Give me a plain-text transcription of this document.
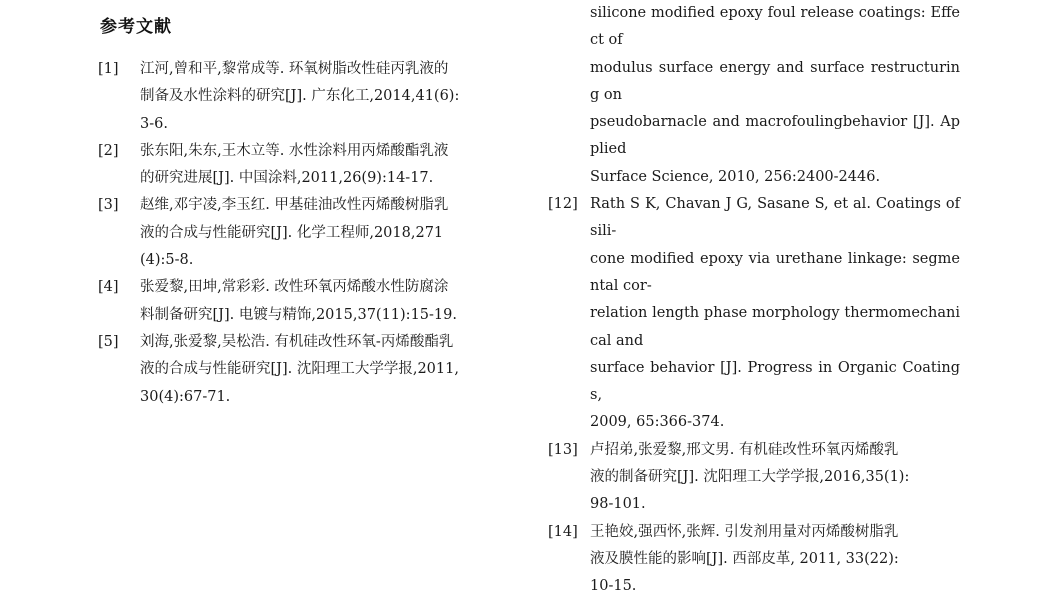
参考文献
[1]	江河,曾和平,黎常成等. 环氧树脂改性硅丙乳液的
制备及水性涂料的研究[J]. 广东化工,2014,41(6):
3-6.
[2]	张东阳,朱东,王木立等. 水性涂料用丙烯酸酯乳液
的研究进展[J]. 中国涂料,2011,26(9):14-17.
[3]	赵维,邓宇凌,李玉红. 甲基硅油改性丙烯酸树脂乳
液的合成与性能研究[J]. 化学工程师,2018,271
(4):5-8.
[4]	张爱黎,田坤,常彩彩. 改性环氧丙烯酸水性防腐涂
料制备研究[J]. 电镀与精饰,2015,37(11):15-19.
[5]	刘海,张爱黎,吴松浩. 有机硅改性环氧-丙烯酸酯乳
液的合成与性能研究[J]. 沈阳理工大学学报,2011,
30(4):67-71.
silicone modified epoxy foul release coatings: Effect of
modulus surface energy and surface restructuring on
pseudobarnacle and macrofoulingbehavior [J]. Applied
Surface Science, 2010, 256:2400-2446.
[12] Rath S K, Chavan J G, Sasane S, et al. Coatings of sili-
cone modified epoxy via urethane linkage: segmental cor-
relation length phase morphology thermomechanical and
surface behavior [J]. Progress in Organic Coatings,
2009, 65:366-374.
[13] 卢招弟,张爱黎,邢文男. 有机硅改性环氧丙烯酸乳
液的制备研究[J]. 沈阳理工大学学报,2016,35(1):
98-101.
[14] 王艳姣,强西怀,张辉. 引发剂用量对丙烯酸树脂乳
液及膜性能的影响[J]. 西部皮革, 2011, 33(22):
10-15.
